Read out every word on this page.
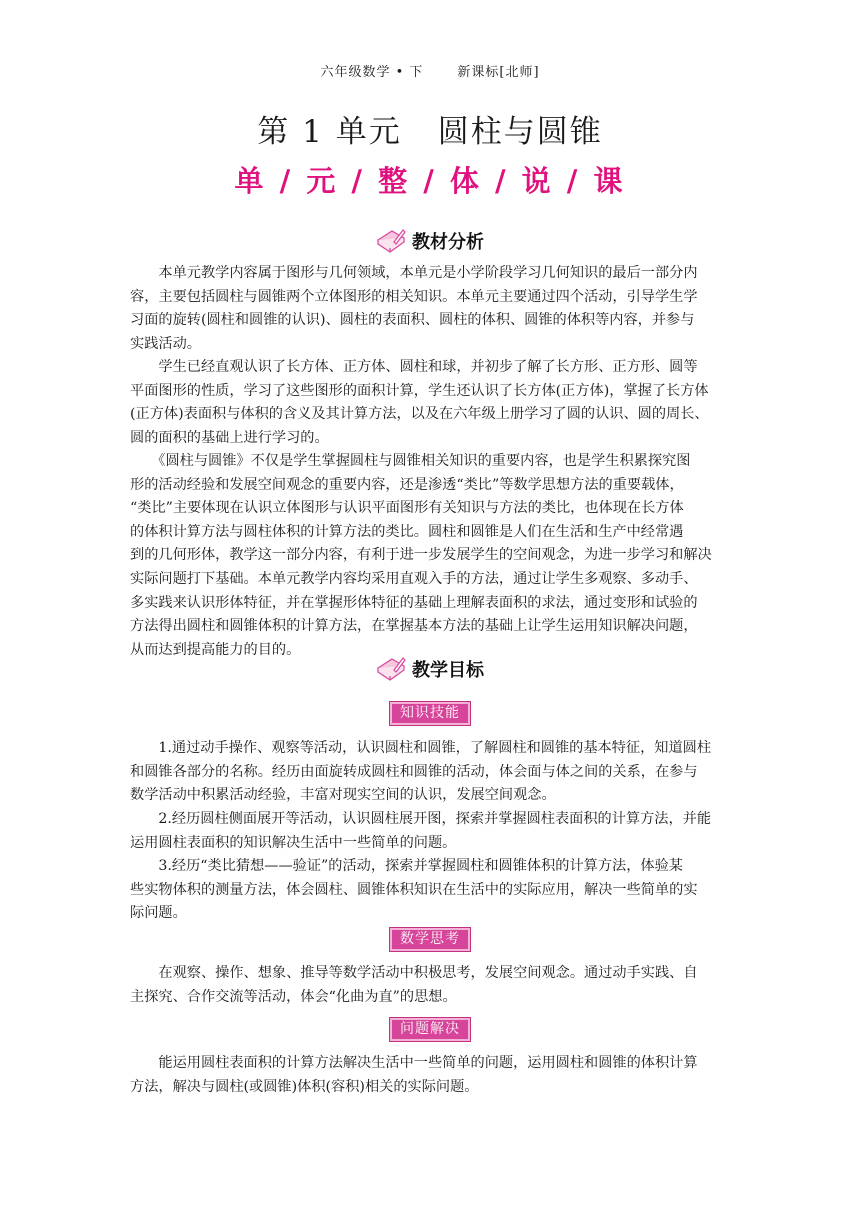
六年级数学 • 下	新课标[北师]
第 1 单元 圆柱与圆锥
单 / 元 / 整 / 体 / 说 / 课
教材分析
　　本单元教学内容属于图形与几何领域，本单元是小学阶段学习几何知识的最后一部分内
容，主要包括圆柱与圆锥两个立体图形的相关知识。本单元主要通过四个活动，引导学生学
习面的旋转(圆柱和圆锥的认识)、圆柱的表面积、圆柱的体积、圆锥的体积等内容，并参与
实践活动。
　　学生已经直观认识了长方体、正方体、圆柱和球，并初步了解了长方形、正方形、圆等
平面图形的性质，学习了这些图形的面积计算，学生还认识了长方体(正方体)，掌握了长方体
(正方体)表面积与体积的含义及其计算方法，以及在六年级上册学习了圆的认识、圆的周长、
圆的面积的基础上进行学习的。
　　《圆柱与圆锥》不仅是学生掌握圆柱与圆锥相关知识的重要内容，也是学生积累探究图
形的活动经验和发展空间观念的重要内容，还是渗透“类比”等数学思想方法的重要载体，
“类比”主要体现在认识立体图形与认识平面图形有关知识与方法的类比，也体现在长方体
的体积计算方法与圆柱体积的计算方法的类比。圆柱和圆锥是人们在生活和生产中经常遇
到的几何形体，教学这一部分内容，有利于进一步发展学生的空间观念，为进一步学习和解决
实际问题打下基础。本单元教学内容均采用直观入手的方法，通过让学生多观察、多动手、
多实践来认识形体特征，并在掌握形体特征的基础上理解表面积的求法，通过变形和试验的
方法得出圆柱和圆锥体积的计算方法，在掌握基本方法的基础上让学生运用知识解决问题，
从而达到提高能力的目的。
教学目标
知识技能
　　1.通过动手操作、观察等活动，认识圆柱和圆锥，了解圆柱和圆锥的基本特征，知道圆柱
和圆锥各部分的名称。经历由面旋转成圆柱和圆锥的活动，体会面与体之间的关系，在参与
数学活动中积累活动经验，丰富对现实空间的认识，发展空间观念。
　　2.经历圆柱侧面展开等活动，认识圆柱展开图，探索并掌握圆柱表面积的计算方法，并能
运用圆柱表面积的知识解决生活中一些简单的问题。
　　3.经历“类比猜想——验证”的活动，探索并掌握圆柱和圆锥体积的计算方法，体验某
些实物体积的测量方法，体会圆柱、圆锥体积知识在生活中的实际应用，解决一些简单的实
际问题。
数学思考
　　在观察、操作、想象、推导等数学活动中积极思考，发展空间观念。通过动手实践、自
主探究、合作交流等活动，体会“化曲为直”的思想。
问题解决
　　能运用圆柱表面积的计算方法解决生活中一些简单的问题，运用圆柱和圆锥的体积计算
方法，解决与圆柱(或圆锥)体积(容积)相关的实际问题。
